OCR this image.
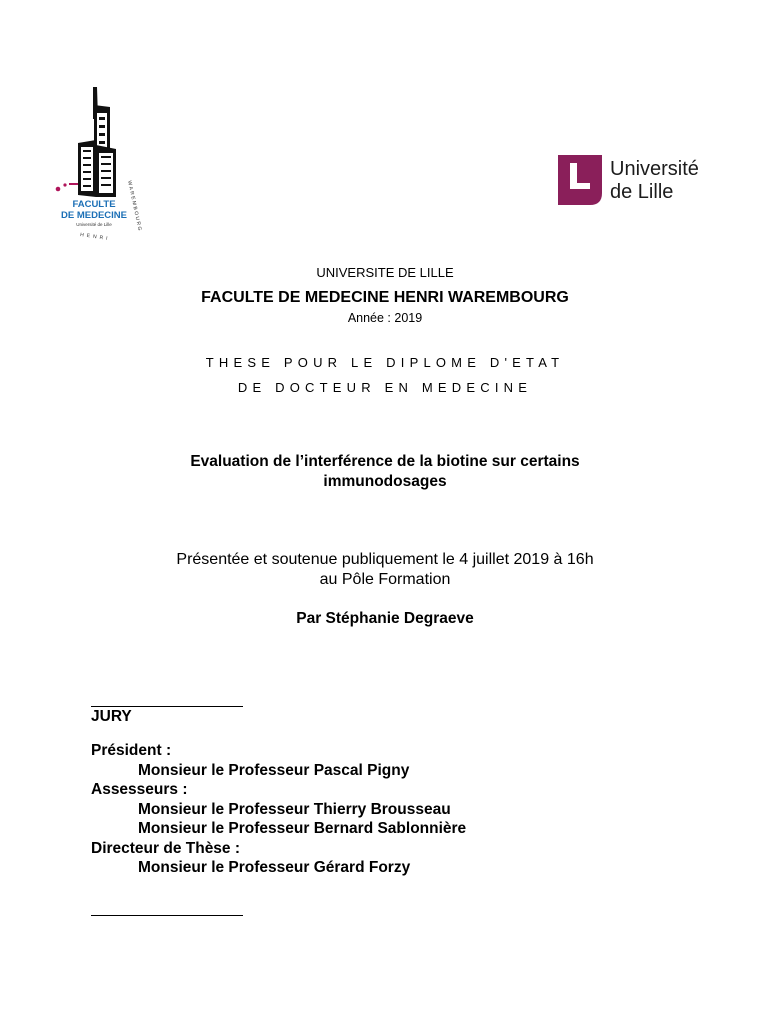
FACULTE
DE MEDECINE
Université de Lille
HENRI
WAREMBOURG
Université
de Lille
UNIVERSITE DE LILLE
FACULTE DE MEDECINE HENRI WAREMBOURG
Année : 2019
THESE POUR LE DIPLOME D'ETAT
DE DOCTEUR EN MEDECINE
Evaluation de l’interférence de la biotine sur certains
immunodosages
Présentée et soutenue publiquement le 4 juillet 2019 à 16h
au Pôle Formation
Par Stéphanie Degraeve
JURY
Président :
Monsieur le Professeur Pascal Pigny
Assesseurs :
Monsieur le Professeur Thierry Brousseau
Monsieur le Professeur Bernard Sablonnière
Directeur de Thèse :
Monsieur le Professeur Gérard Forzy
